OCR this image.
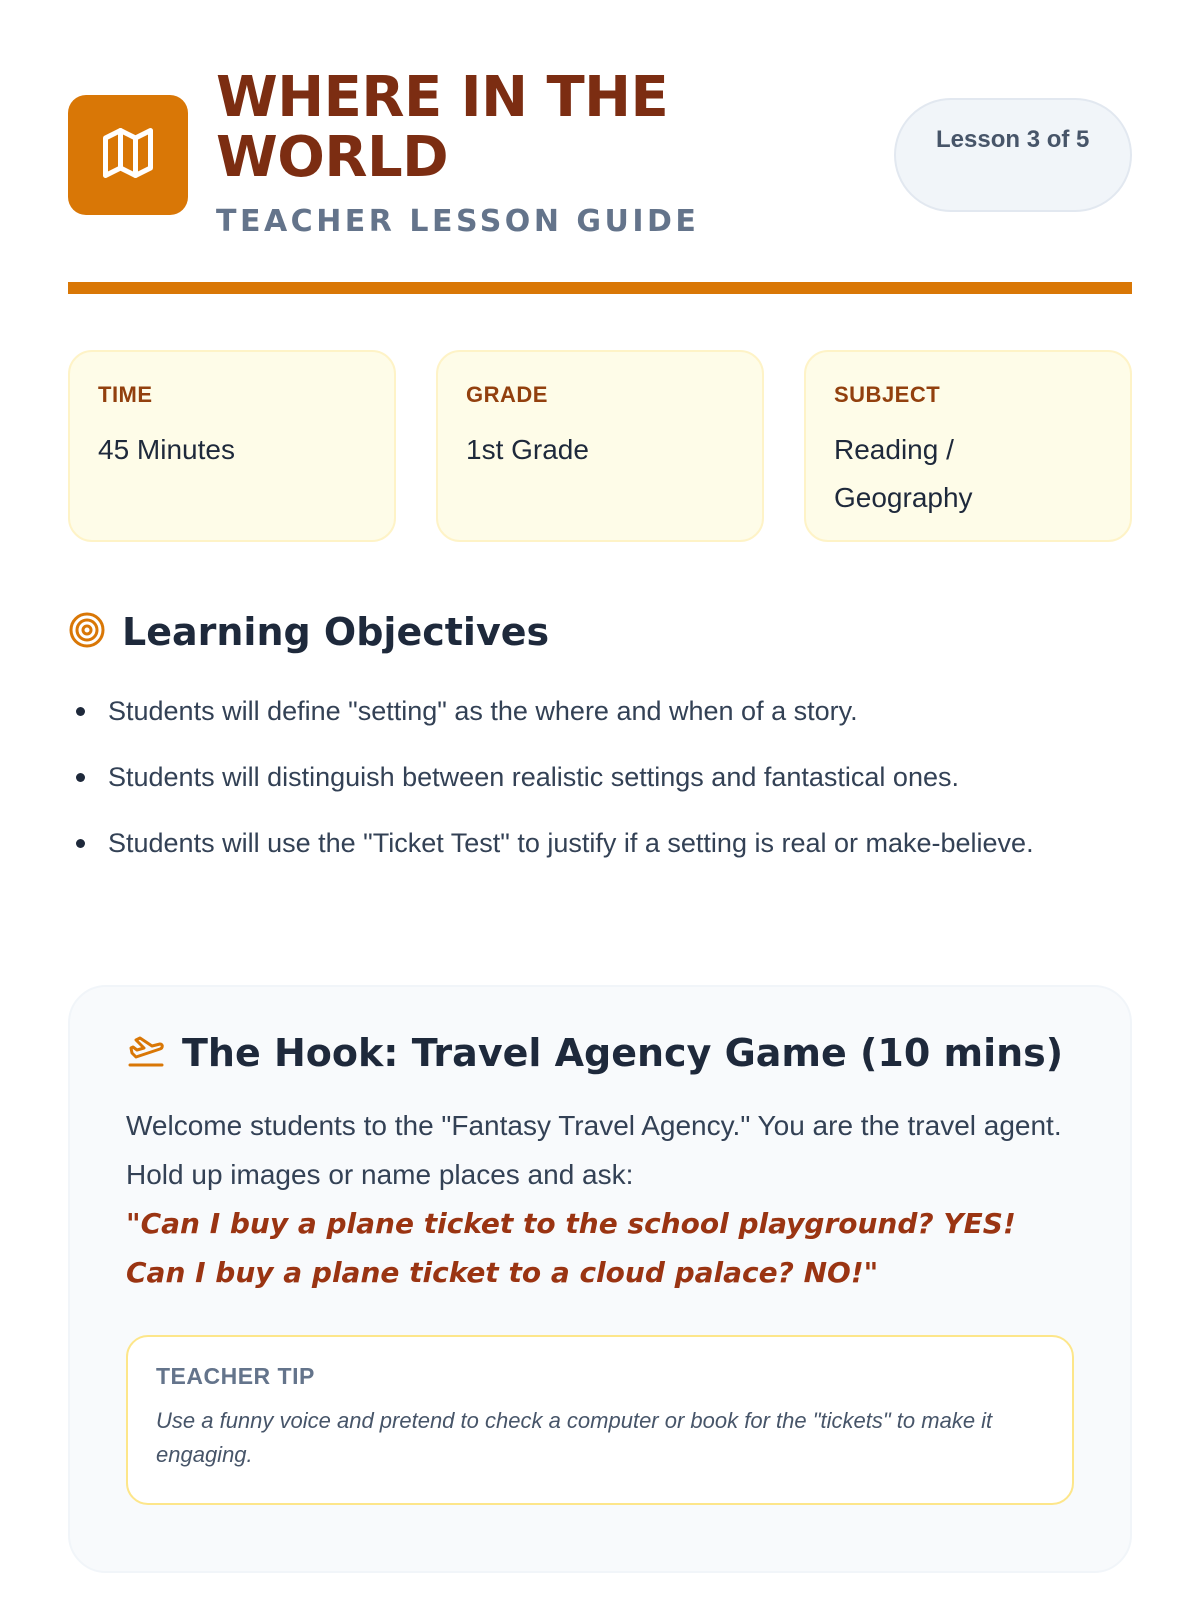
WHERE IN THE WORLD
TEACHER LESSON GUIDE
Lesson 3 of 5
TIME
45 Minutes
GRADE
1st Grade
SUBJECT
Reading / Geography
Learning Objectives
Students will define "setting" as the where and when of a story.
Students will distinguish between realistic settings and fantastical ones.
Students will use the "Ticket Test" to justify if a setting is real or make-believe.
The Hook: Travel Agency Game (10 mins)
Welcome students to the "Fantasy Travel Agency." You are the travel agent. Hold up images or name places and ask:
"Can I buy a plane ticket to the school playground? YES! Can I buy a plane ticket to a cloud palace? NO!"
TEACHER TIP
Use a funny voice and pretend to check a computer or book for the "tickets" to make it engaging.
